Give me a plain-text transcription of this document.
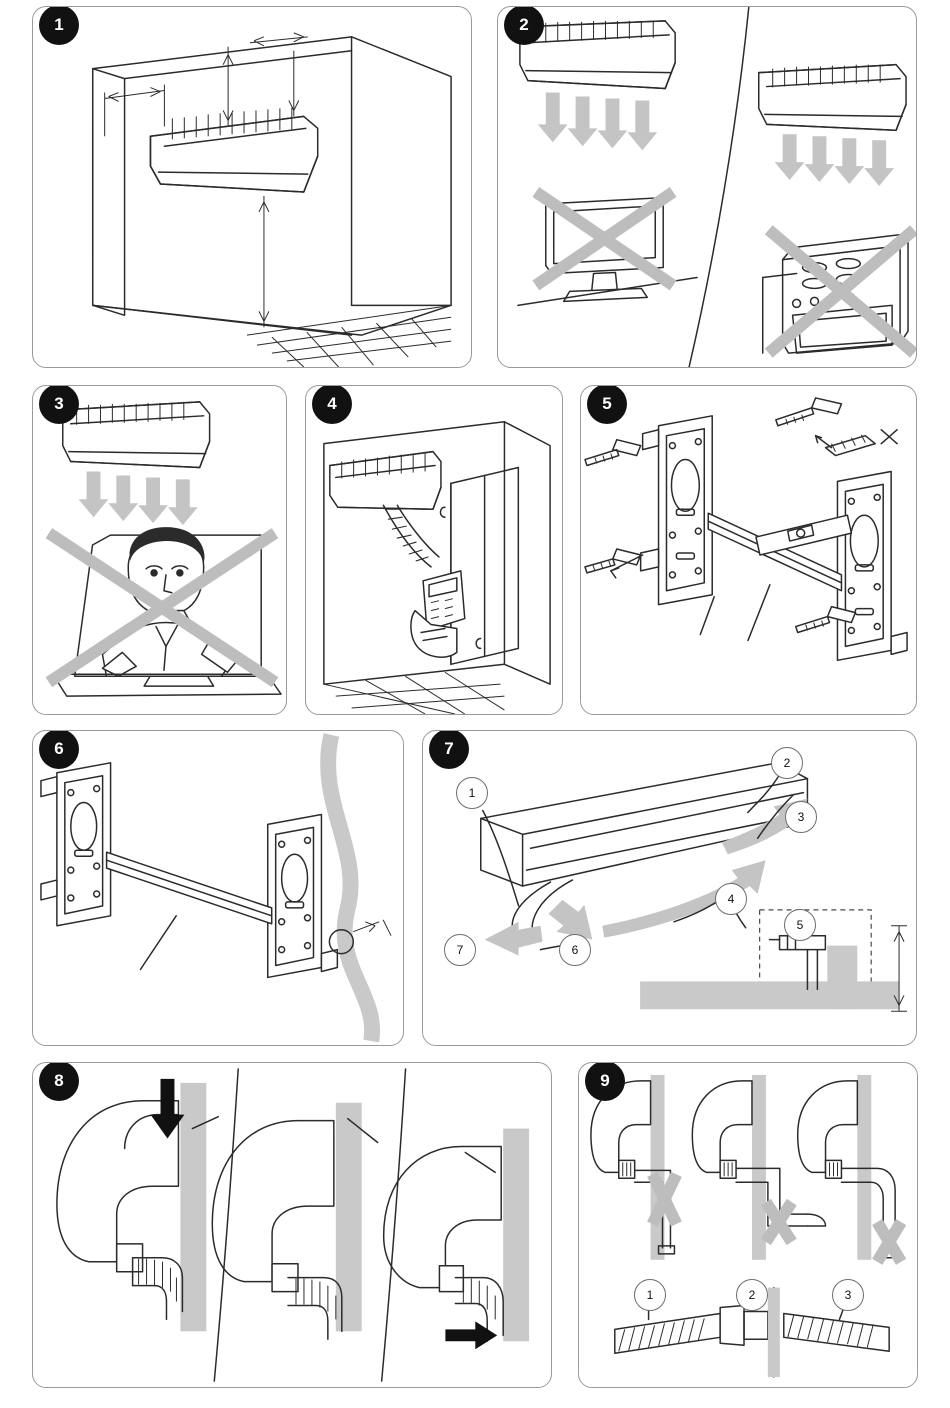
1	2
3	4	5
6	7
1
2
3
4
5
6
7
8	9
1	2	3
